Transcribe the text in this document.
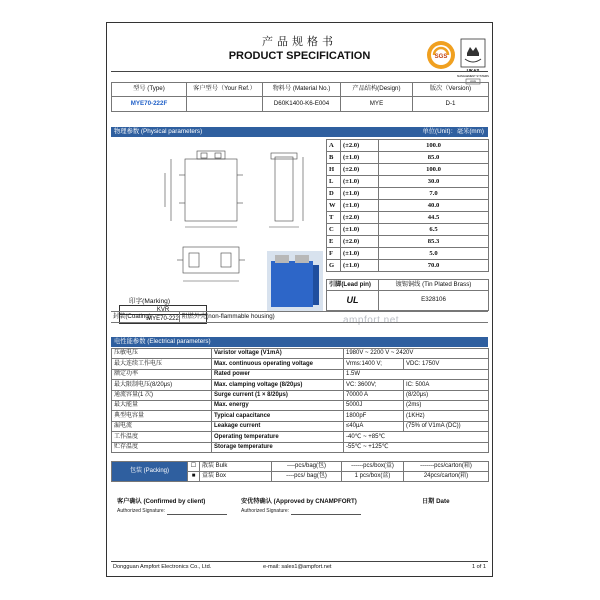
产品规格书
PRODUCT SPECIFICATION	SGS
UKAS
MANAGEMENT SYSTEMS
005
型号 (Type)	客户型号（Your Ref.）	物料号 (Material No.)	产品结构(Design)	版次（Version)
MYE70-222F		D60K1400-K6-E004	MYE	D-1
物理参数 (Physical parameters)	单位(Unit)：毫米(mm)
ampfort.net
A	(±2.0)	100.0
B	(±1.0)	85.0
H	(±2.0)	100.0
L	(±1.0)	30.0
D	(±1.0)	7.0
W	(±1.0)	40.0
T	(±2.0)	44.5
C	(±1.0)	6.5
E	(±2.0)	85.3
F	(±1.0)	5.0
G	(±1.0)	70.0
引脚(Lead pin)	镀锡铜线 (Tin Plated Brass)
UL	E328106
印字(Marking)
KVR
MYE70-222
封装(Coating)	阻燃外壳(non-flammable housing)
电性能参数 (Electrical parameters)
压敏电压	Varistor voltage (V1mA)	1980V ~ 2200 V ~ 2420V	
最大连续工作电压	Max. continuous operating voltage	Vrms:1400 V;	VDC: 1750V
额定功率	Rated power	1.5W	
最大限制电压(8/20μs)	Max. clamping voltage (8/20μs)	VC: 3600V;	IC: 500A
通流容量(1 次)	Surge current (1 × 8/20μs)	70000 A	(8/20μs)
最大能量	Max. energy	5000J	(2ms)
典型电容量	Typical capacitance	1800pF	(1KHz)
漏电流	Leakage current	≤40μA	(75% of V1mA (DC))
工作温度	Operating temperature	-40℃ ~ +85℃	
贮存温度	Storage temperature	-55℃ ~ +125℃	
包装 (Packing)	☐	散装 Bulk	----pcs/bag(包)	------pcs/box(盒)	-------pcs/carton(箱)
	■	盒装 Box	----pcs/ bag(包)	1 pcs/box(盒)	24pcs/carton(箱)
客户确认 (Confirmed by client)	安优特确认 (Approved by CNAMPFORT)	日期 Date
Authorized Signature:	Authorized Signature:
Dongguan Ampfort Electronics Co., Ltd.	e-mail: sales1@ampfort.net	1 of 1
